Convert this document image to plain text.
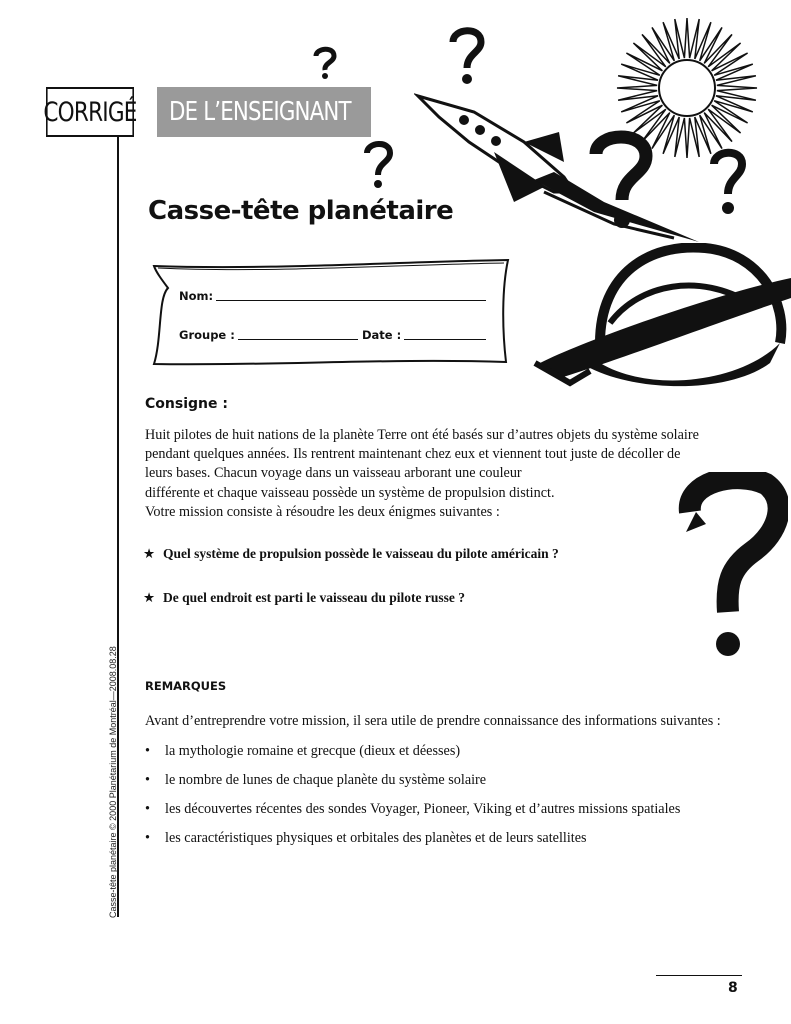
CORRIGÉ DE L’ENSEIGNANT
Casse-tête planétaire
Nom:
Groupe :	Date :
Consigne :
Huit pilotes de huit nations de la planète Terre ont été basés sur d’autres objets du système solaire
pendant quelques années. Ils rentrent maintenant chez eux et viennent tout juste de décoller de
leurs bases. Chacun voyage dans un vaisseau arborant une couleur
différente et chaque vaisseau possède un système de propulsion distinct.
Votre mission consiste à résoudre les deux énigmes suivantes :
★ Quel système de propulsion possède le vaisseau du pilote américain ?
★ De quel endroit est parti le vaisseau du pilote russe ?
REMARQUES
Avant d’entreprendre votre mission, il sera utile de prendre connaissance des informations suivantes :
• la mythologie romaine et grecque (dieux et déesses)
• le nombre de lunes de chaque planète du système solaire
• les découvertes récentes des sondes Voyager, Pioneer, Viking et d’autres missions spatiales
• les caractéristiques physiques et orbitales des planètes et de leurs satellites
Casse-tête planétaire © 2000 Planétarium de Montréal—2008.08.28
8
